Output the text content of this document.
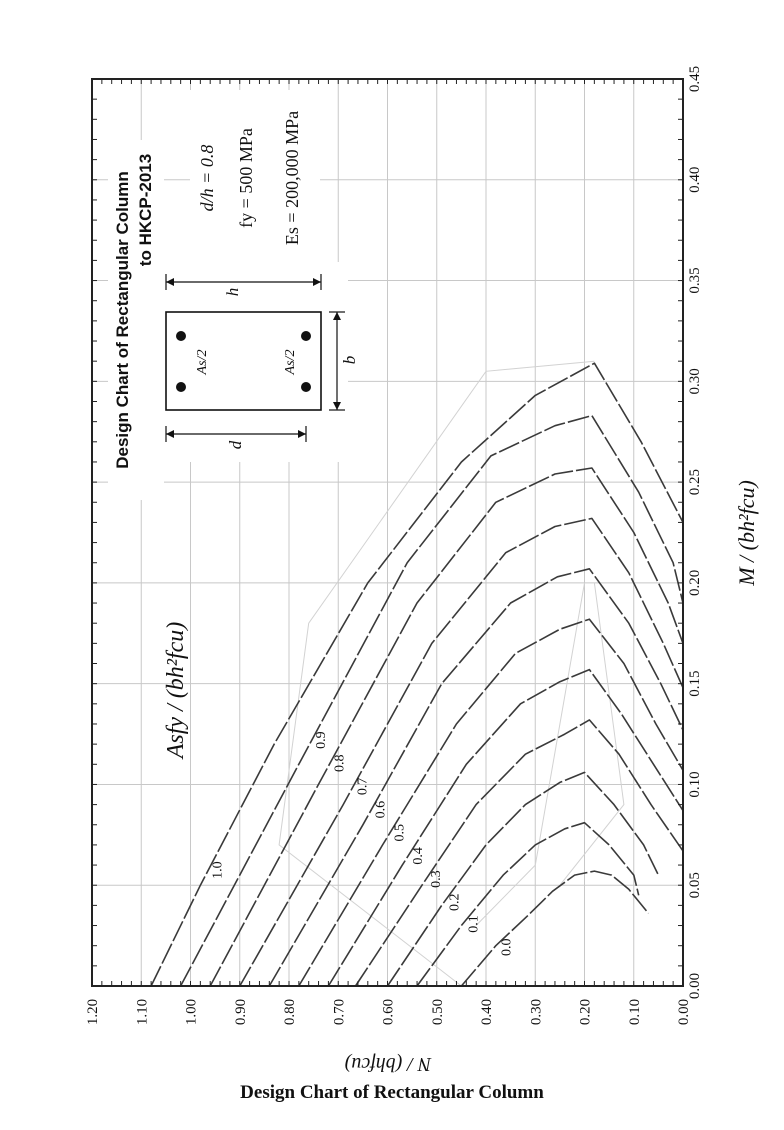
0.00
0.05
0.10
0.15
0.20
0.25
0.30
0.35
0.40
0.45
0.00
0.10
0.20
0.30
0.40
0.50
0.60
0.70
0.80
0.90
1.00
1.10
1.20
0.0
0.1
0.2
0.3
0.4
0.5
0.6
0.7
0.8
0.9
1.0
M / (bh²fcu)
N / (bhfcu)
Asfy / (bh²fcu)
Design Chart of Rectangular Column to HKCP-2013 d/h = 0.8 fy = 500 MPa Es = 200,000 MPa
As/2	As/2
h
d
b
Design Chart of Rectangular Column
